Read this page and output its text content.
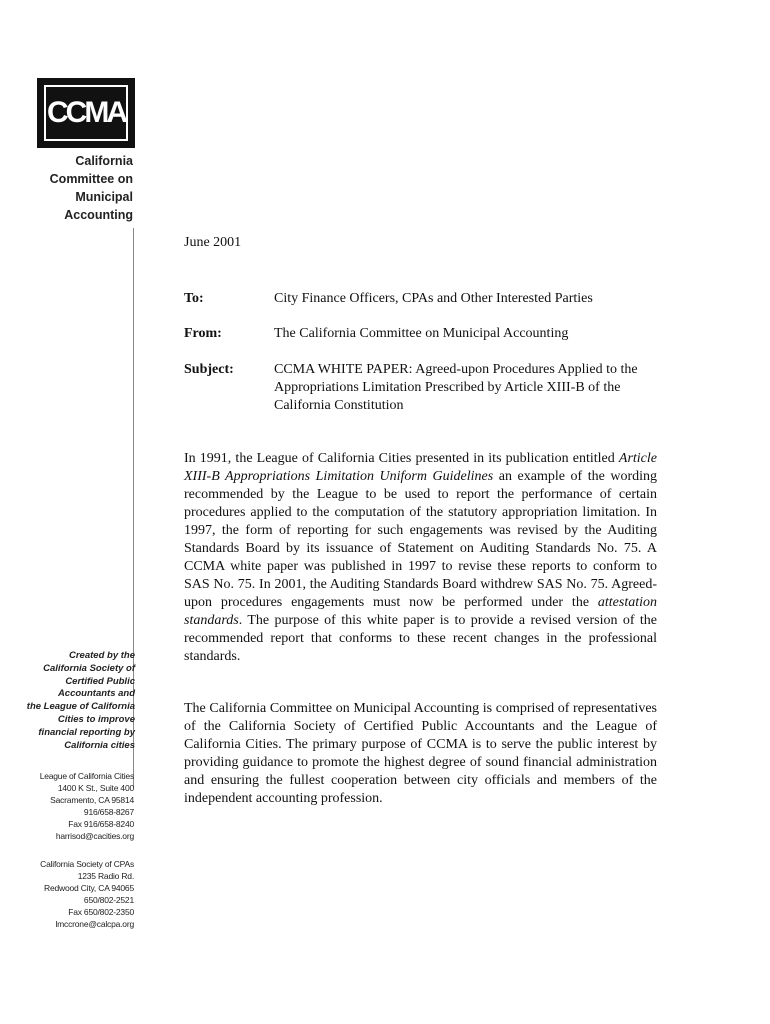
CCMA
California
Committee on
Municipal
Accounting
Created by the
California Society of
Certified Public
Accountants and
the League of California
Cities to improve
financial reporting by
California cities
League of California Cities
1400 K St., Suite 400
Sacramento, CA 95814
916/658-8267
Fax 916/658-8240
harrisod@cacities.org
California Society of CPAs
1235 Radio Rd.
Redwood City, CA 94065
650/802-2521
Fax 650/802-2350
lmccrone@calcpa.org
June 2001
To:	City Finance Officers, CPAs and Other Interested Parties
From:	The California Committee on Municipal Accounting
Subject:	CCMA WHITE PAPER: Agreed-upon Procedures Applied to the Appropriations Limitation Prescribed by Article XIII-B of the California Constitution

In 1991, the League of California Cities presented in its publication entitled Article XIII-B Appropriations Limitation Uniform Guidelines an example of the wording recommended by the League to be used to report the performance of certain procedures applied to the computation of the statutory appropriation limitation. In 1997, the form of reporting for such engagements was revised by the Auditing Standards Board by its issuance of Statement on Auditing Standards No. 75. A CCMA white paper was published in 1997 to revise these reports to conform to SAS No. 75. In 2001, the Auditing Standards Board withdrew SAS No. 75. Agreed-upon procedures engagements must now be performed under the attestation standards. The purpose of this white paper is to provide a revised version of the recommended report that conforms to these recent changes in the professional standards.

The California Committee on Municipal Accounting is comprised of representatives of the California Society of Certified Public Accountants and the League of California Cities. The primary purpose of CCMA is to serve the public interest by providing guidance to promote the highest degree of sound financial administration and ensuring the fullest cooperation between city officials and members of the independent accounting profession.
